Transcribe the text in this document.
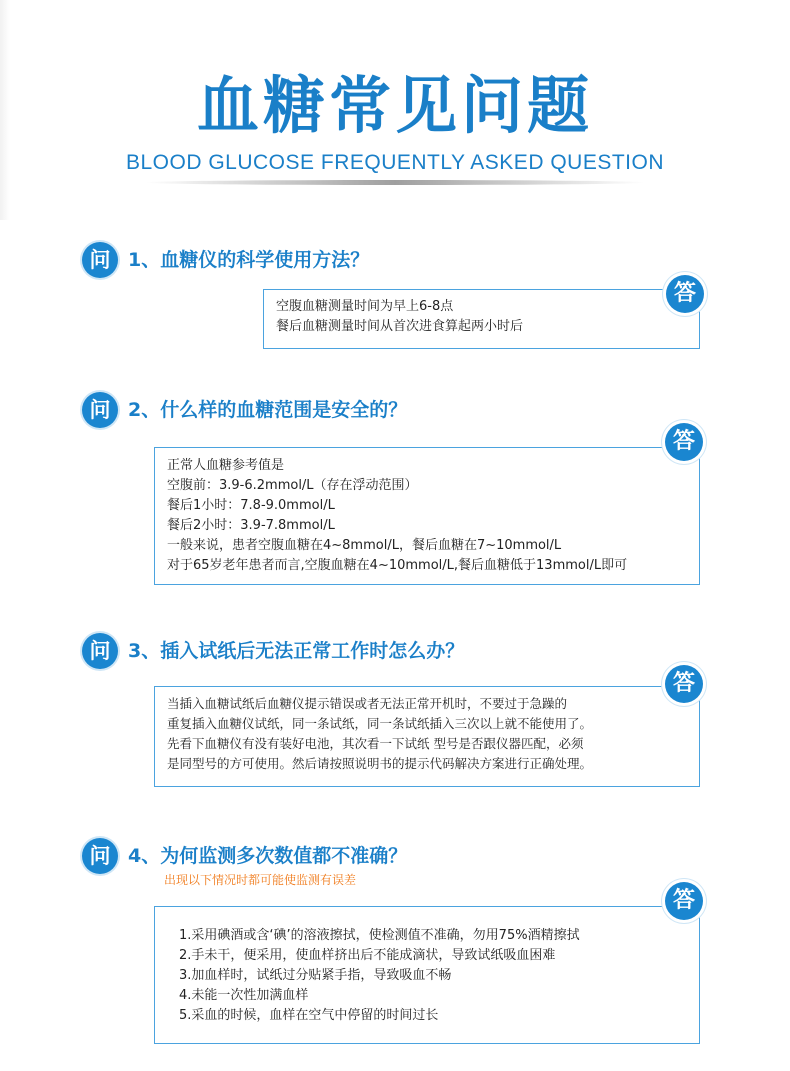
血糖常见问题
BLOOD GLUCOSE FREQUENTLY ASKED QUESTION
问 1、血糖仪的科学使用方法？
空腹血糖测量时间为早上6-8点
餐后血糖测量时间从首次进食算起两小时后
答
问 2、什么样的血糖范围是安全的？
正常人血糖参考值是
空腹前：3.9-6.2mmol/L（存在浮动范围）
餐后1小时：7.8-9.0mmol/L
餐后2小时：3.9-7.8mmol/L
一般来说，患者空腹血糖在4~8mmol/L，餐后血糖在7~10mmol/L
对于65岁老年患者而言,空腹血糖在4~10mmol/L,餐后血糖低于13mmol/L即可
答
问 3、插入试纸后无法正常工作时怎么办？
当插入血糖试纸后血糖仪提示错误或者无法正常开机时，不要过于急躁的
重复插入血糖仪试纸，同一条试纸，同一条试纸插入三次以上就不能使用了。
先看下血糖仪有没有装好电池，其次看一下试纸 型号是否跟仪器匹配，必须
是同型号的方可使用。然后请按照说明书的提示代码解决方案进行正确处理。
答
问 4、为何监测多次数值都不准确？
出现以下情况时都可能使监测有误差
1.采用碘酒或含‘碘’的溶液擦拭，使检测值不准确，勿用75%酒精擦拭
2.手未干，便采用，使血样挤出后不能成滴状，导致试纸吸血困难
3.加血样时，试纸过分贴紧手指，导致吸血不畅
4.未能一次性加满血样
5.采血的时候，血样在空气中停留的时间过长
答
